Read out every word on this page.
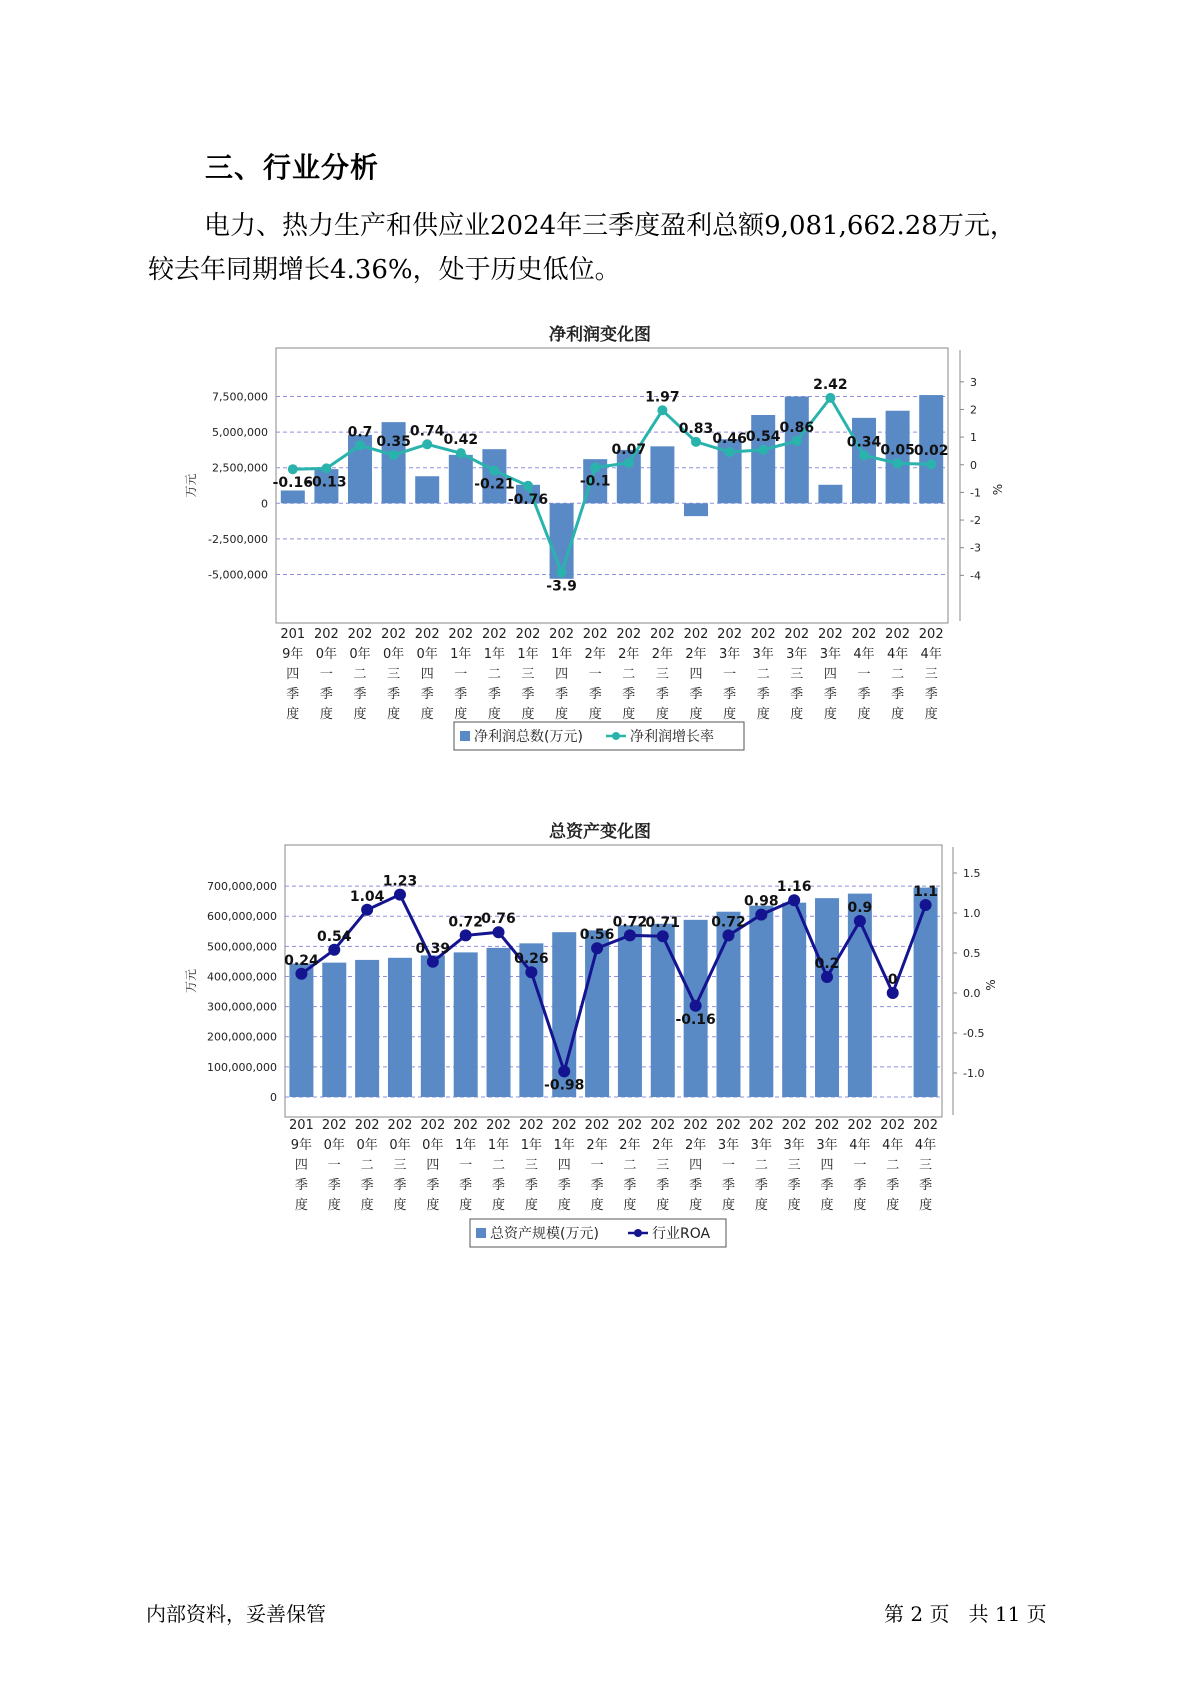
三、行业分析
电力、热力生产和供应业2024年三季度盈利总额9,081,662.28万元，
较去年同期增长4.36%，处于历史低位。
净利润变化图
7,500,000
5,000,000
2,500,000
0
-2,500,000
-5,000,000
万元
3
2
1
0
-1
-2
-3
-4
%
-0.16
-0.13
0.7
0.35
0.74
0.42
-0.21
-0.76
-3.9
-0.1
0.07
1.97
0.83
0.46 0.54
0.86
2.42
0.34
0.05 0.02
201
9年
四
季
度
202
0年
一
季
度
202
0年
二
季
度
202
0年
三
季
度
202
0年
四
季
度
202
1年
一
季
度
202
1年
二
季
度
202
1年
三
季
度
202
1年
四
季
度
202
2年
一
季
度
202
2年
二
季
度
202
2年
三
季
度
202
2年
四
季
度
202
3年
一
季
度
202
3年
二
季
度
202
3年
三
季
度
202
3年
四
季
度
202
4年
一
季
度
202
4年
二
季
度
202
4年
三
季
度
净利润总数(万元)	净利润增长率
总资产变化图
700,000,000
600,000,000
500,000,000
400,000,000
300,000,000
200,000,000
100,000,000
0
万元
1.5
1.0
0.5
0.0
-0.5
-1.0
%
0.24
0.54
1.04
1.23
0.39
0.72
0.76
0.26
-0.98
0.56
0.72
0.71
-0.16
0.72
0.98
1.16
0.2
0.9
0
1.1
201
9年
四
季
度
202
0年
一
季
度
202
0年
二
季
度
202
0年
三
季
度
202
0年
四
季
度
202
1年
一
季
度
202
1年
二
季
度
202
1年
三
季
度
202
1年
四
季
度
202
2年
一
季
度
202
2年
二
季
度
202
2年
三
季
度
202
2年
四
季
度
202
3年
一
季
度
202
3年
二
季
度
202
3年
三
季
度
202
3年
四
季
度
202
4年
一
季
度
202
4年
二
季
度
202
4年
三
季
度
总资产规模(万元)	行业ROA
内部资料，妥善保管	第 2 页   共 11 页
